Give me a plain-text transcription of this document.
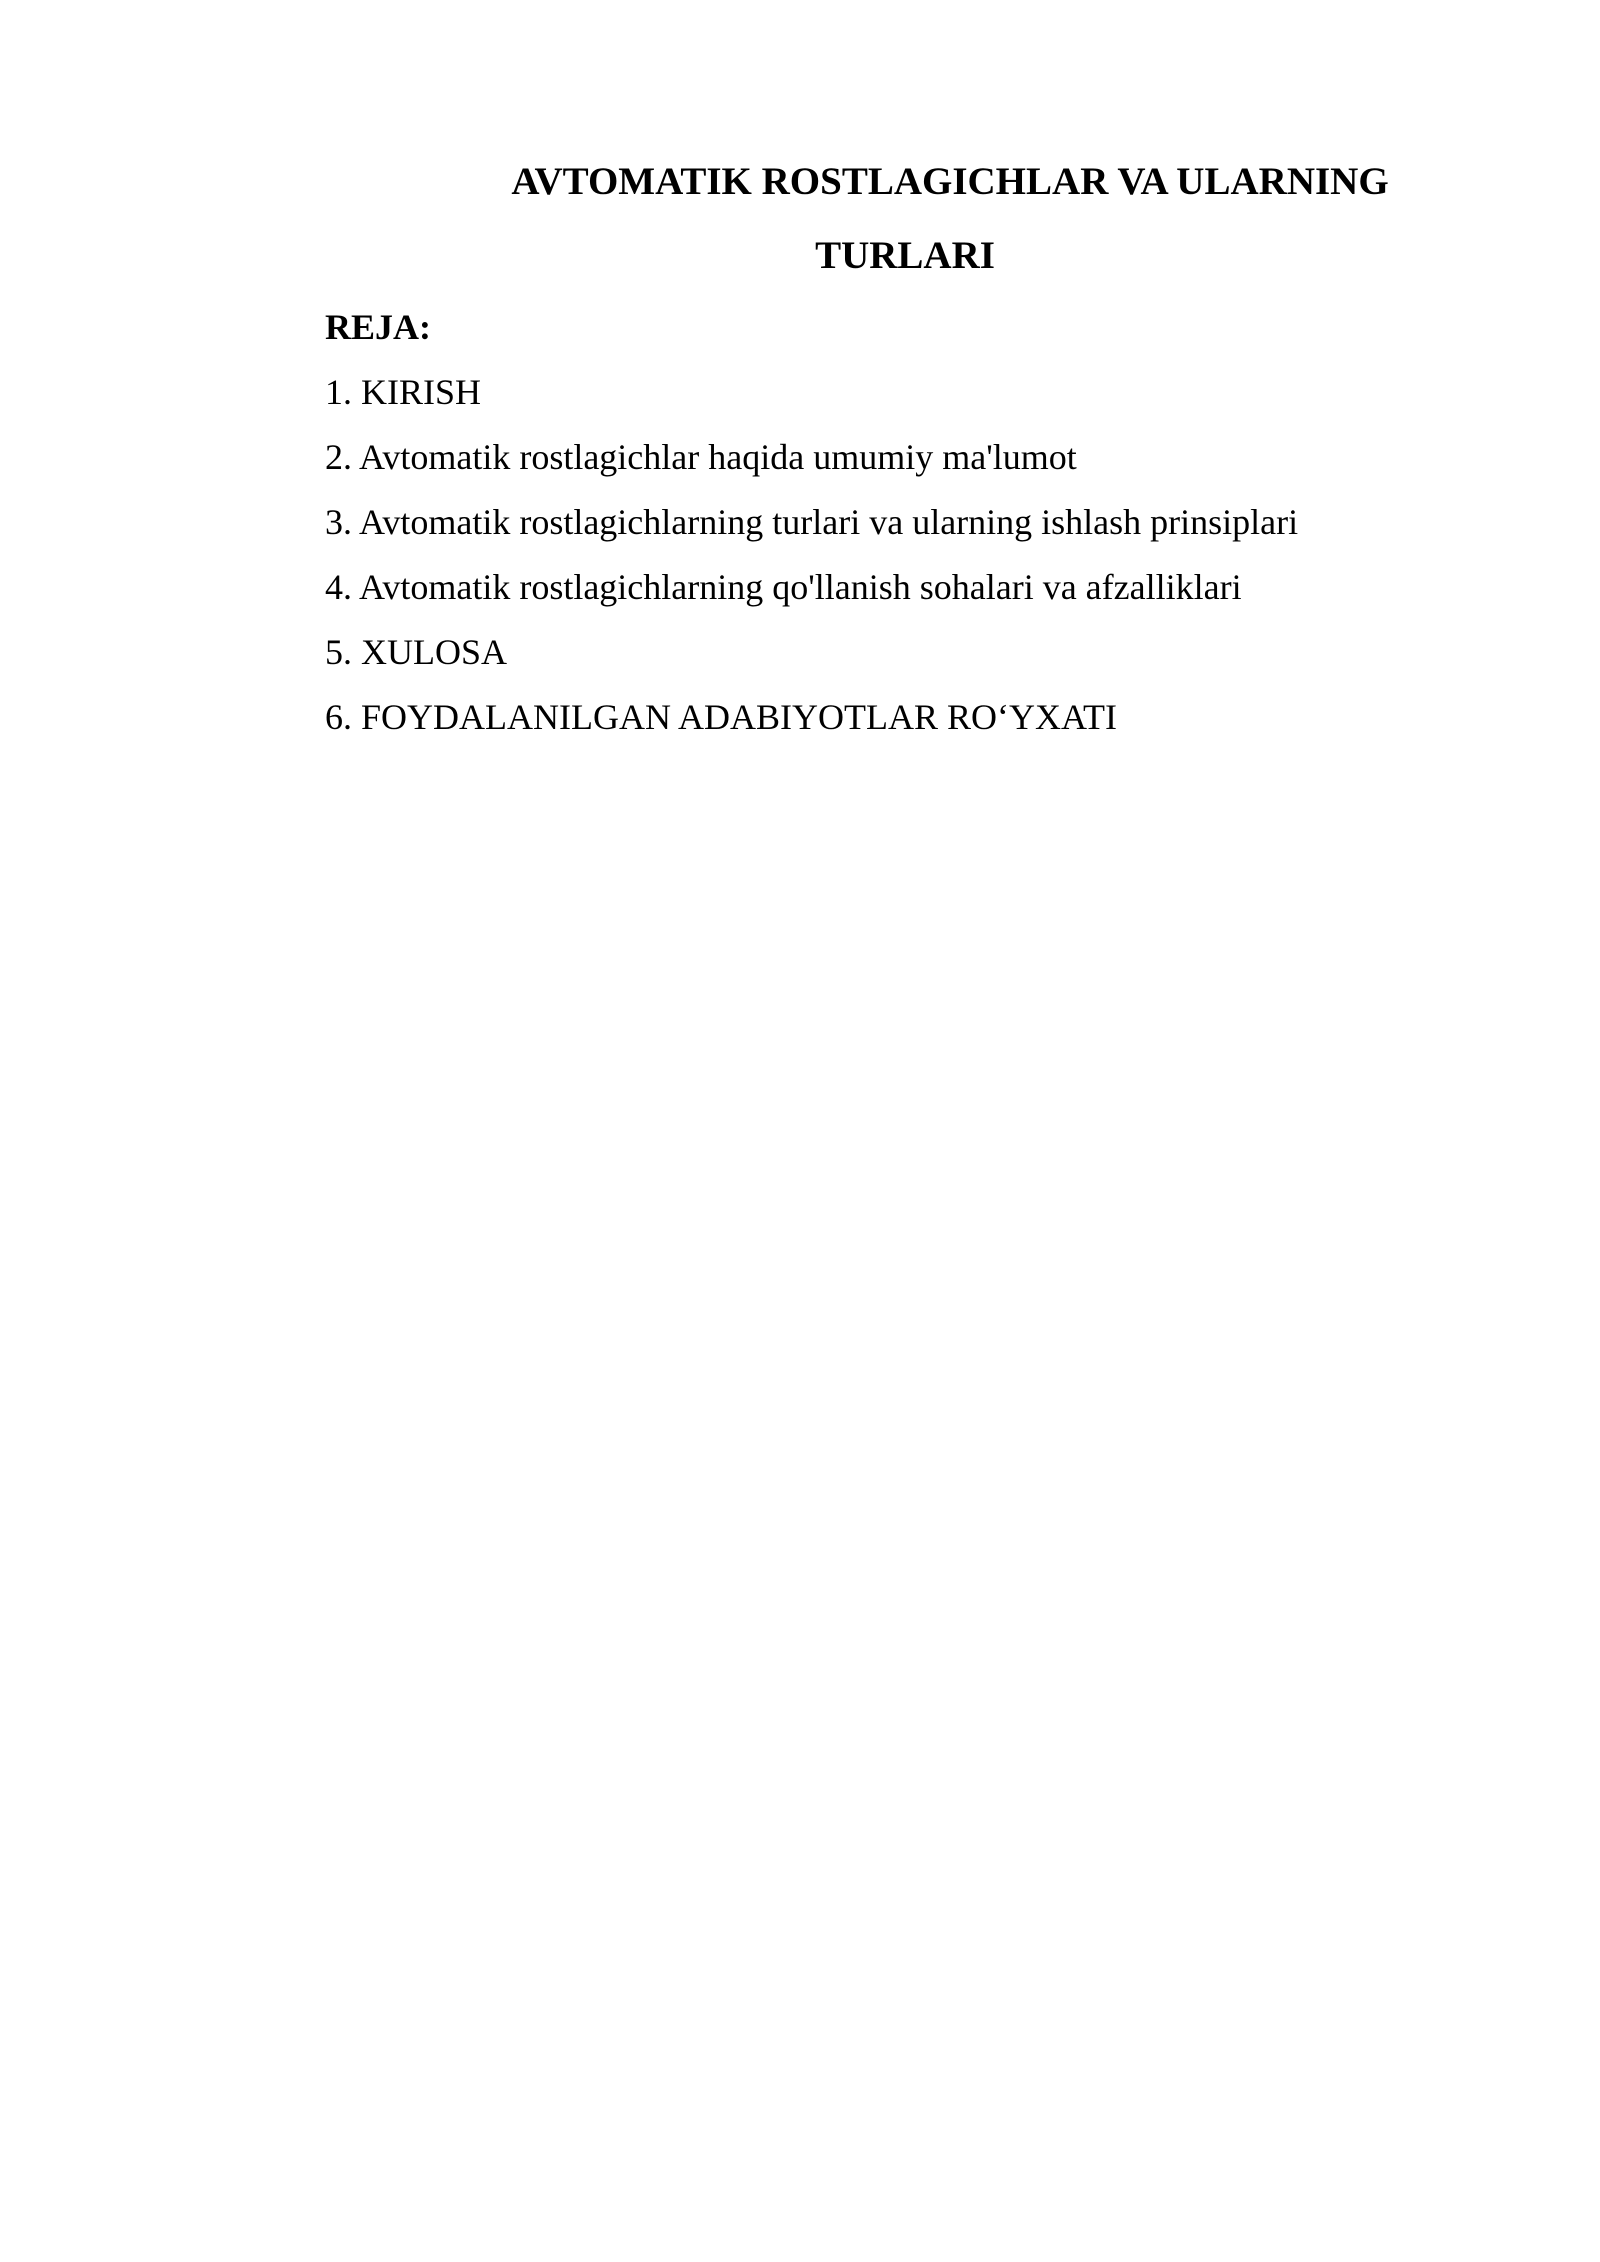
AVTOMATIK ROSTLAGICHLAR VA ULARNING
TURLARI
REJA:
1. KIRISH
2. Avtomatik rostlagichlar haqida umumiy ma'lumot
3. Avtomatik rostlagichlarning turlari va ularning ishlash prinsiplari
4. Avtomatik rostlagichlarning qo'llanish sohalari va afzalliklari
5. XULOSA
6. FOYDALANILGAN ADABIYOTLAR RO‘YXATI
